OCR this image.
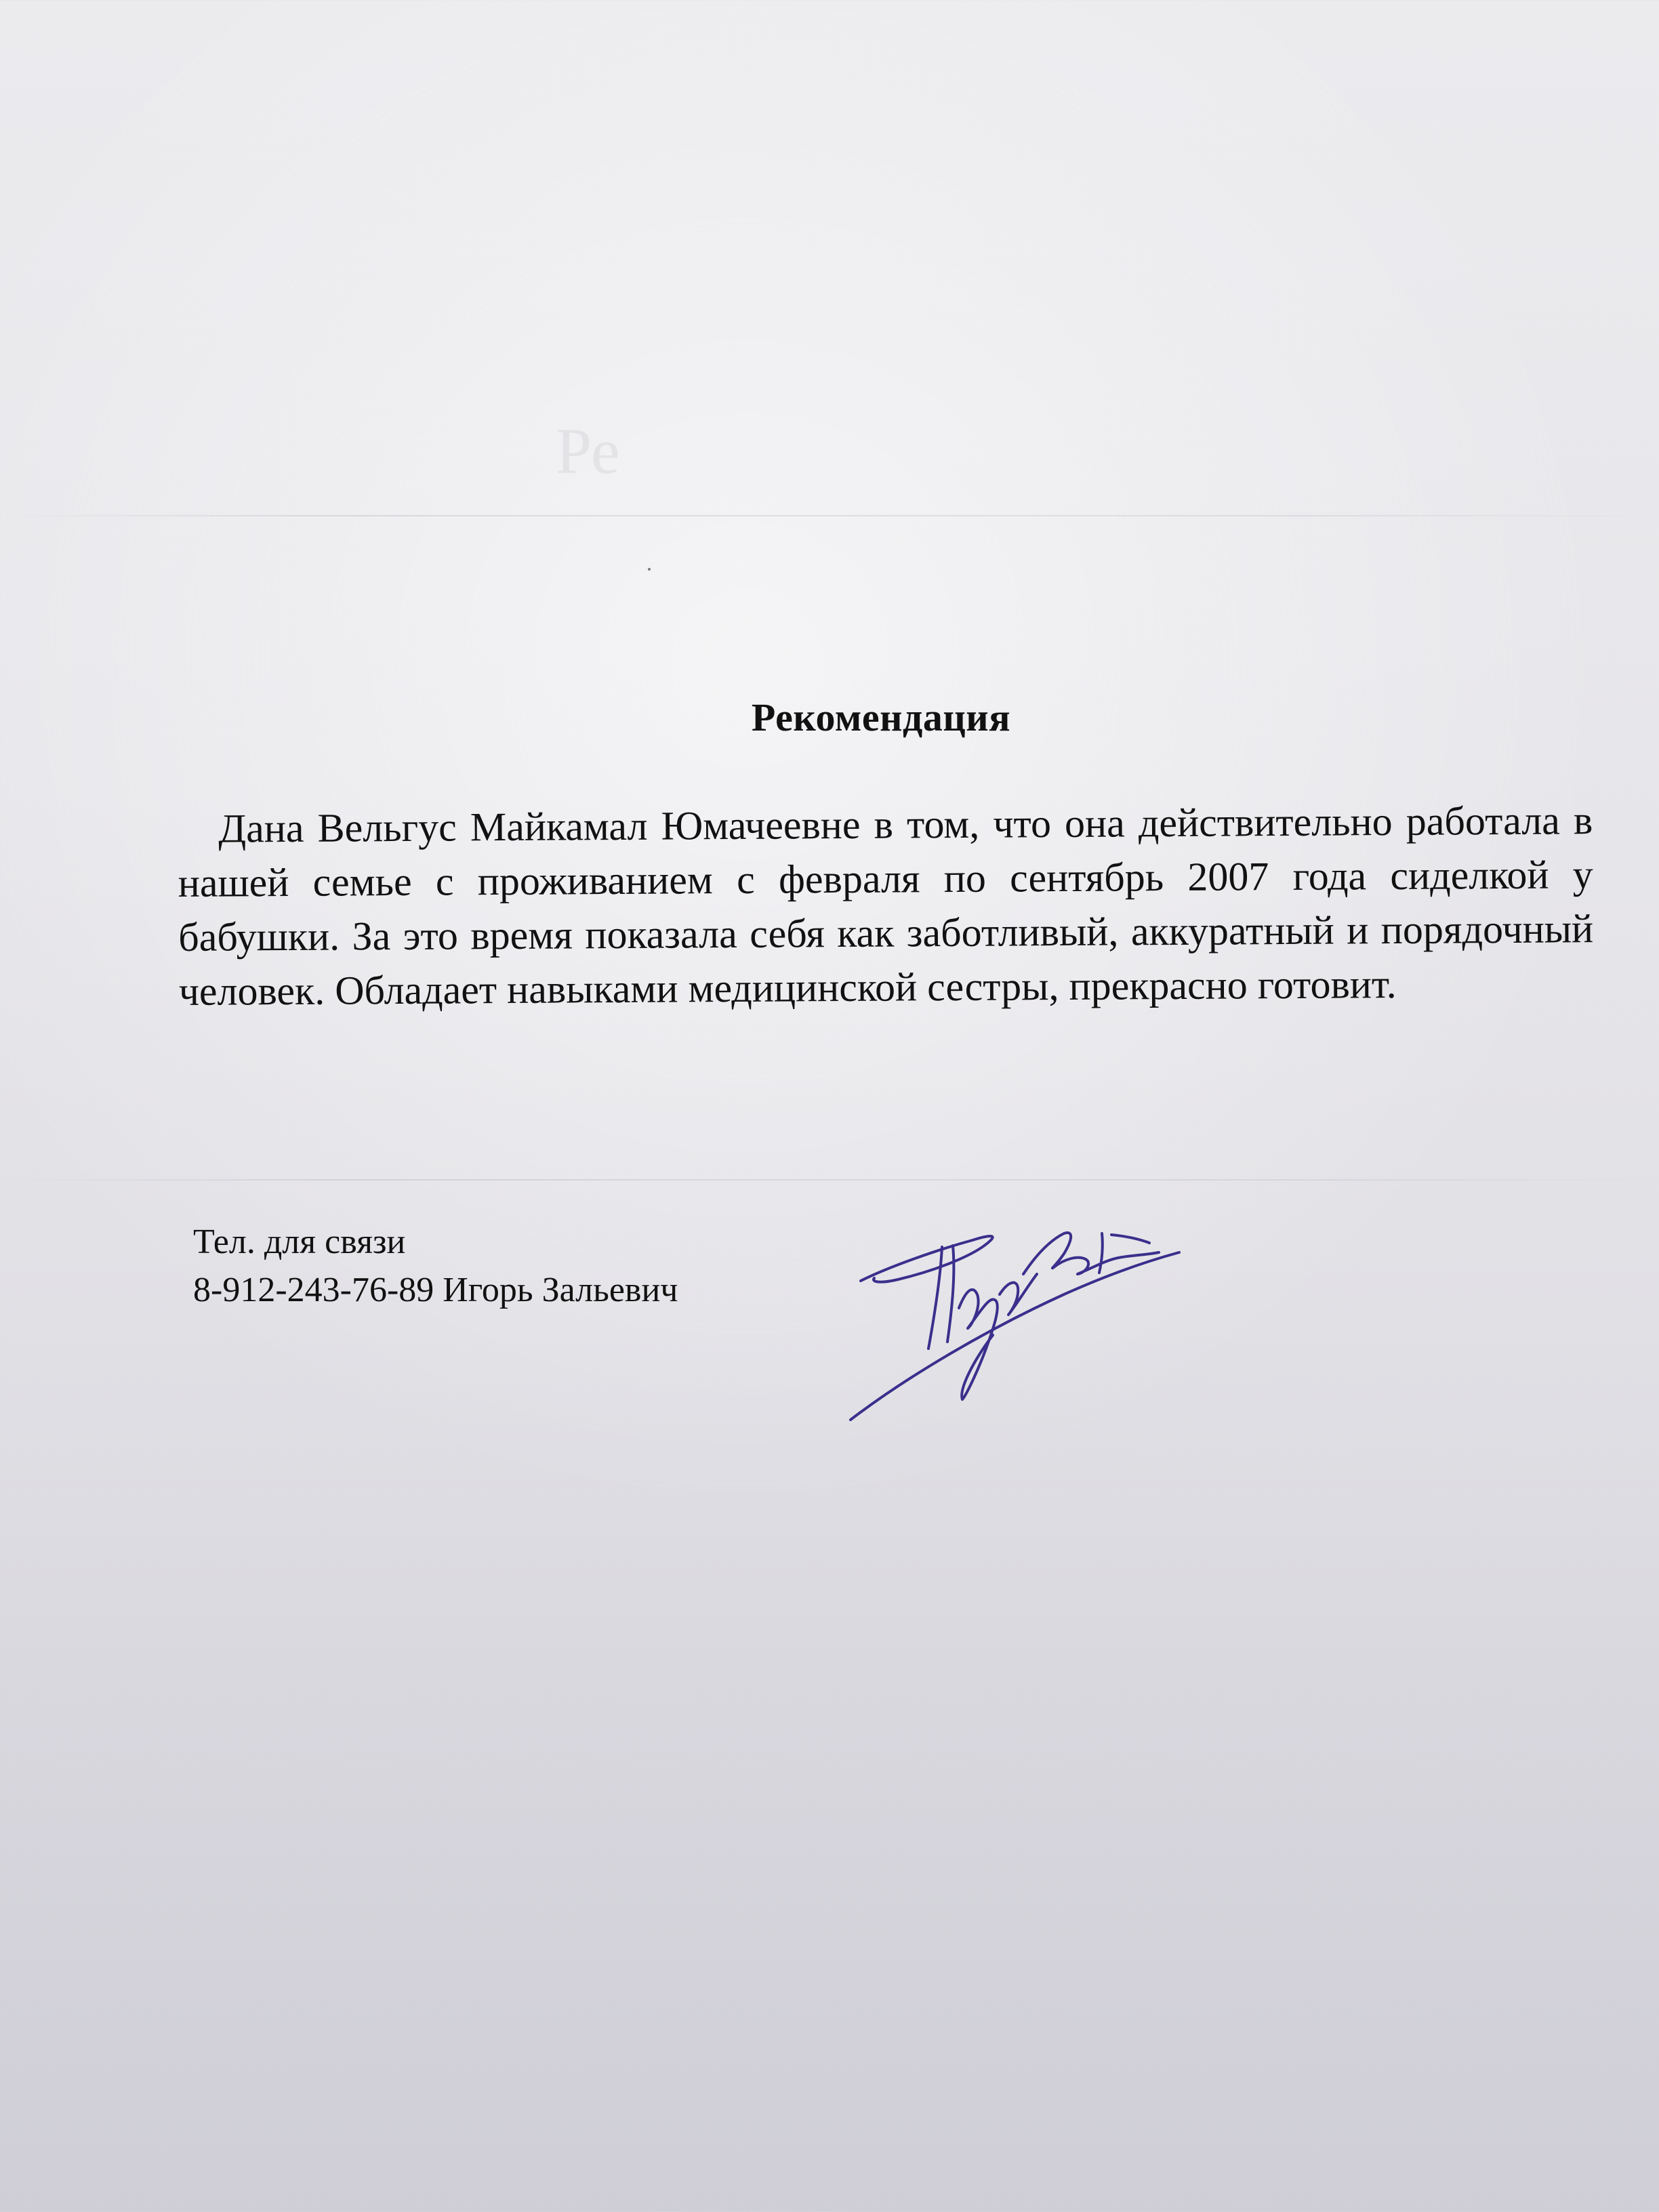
Ре

Рекомендация
Дана Вельгус Майкамал Юмачеевне в том, что она действительно работала в нашей семье с проживанием с февраля по сентябрь 2007 года сиделкой у бабушки. За это время показала себя как заботливый, аккуратный и порядочный человек. Обладает навыками медицинской сестры, прекрасно готовит.
Тел. для связи
8-912-243-76-89 Игорь Зальевич
